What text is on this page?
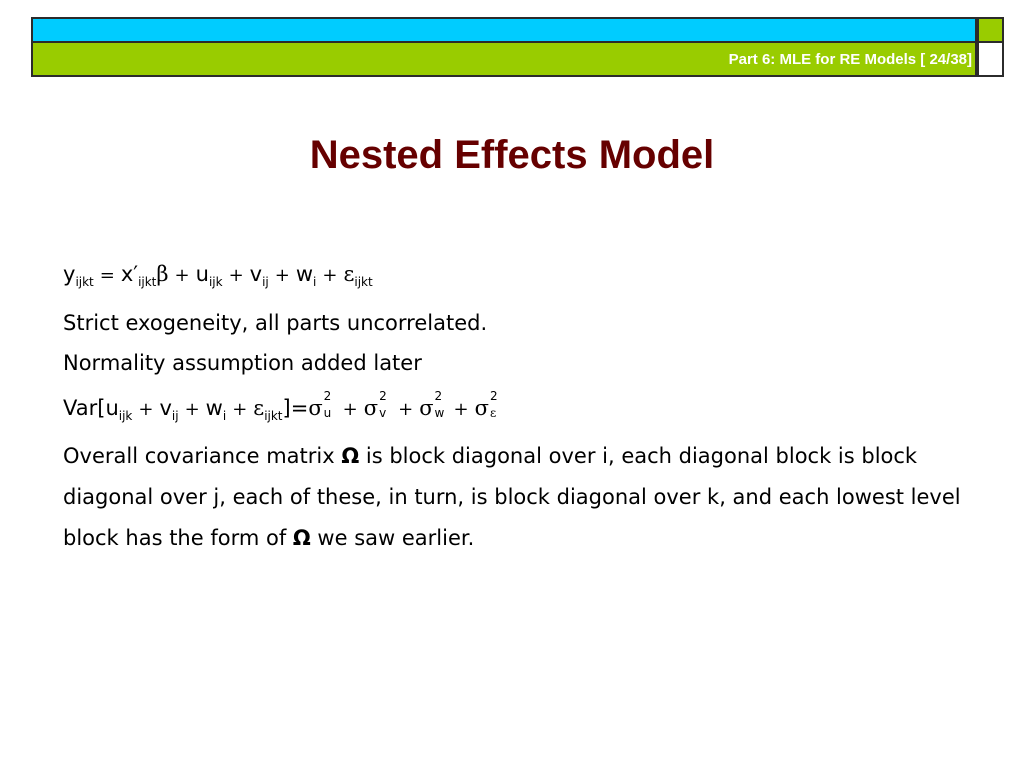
Part 6: MLE for RE Models [ 24/38]
Nested Effects Model
$y_{ijkt} = x'_{ijkt}\beta + u_{ijk} + v_{ij} + w_i + \varepsilon_{ijkt}$
Strict exogeneity, all parts uncorrelated.
Normality assumption added later
$Var[u_{ijk} + v_{ij} + w_i + \varepsilon_{ijkt}]=\sigma$ 2
u + σ 2
v + σ 2
w + σ 2
ε
Overall covariance matrix Ω is block diagonal over i, each diagonal block is block diagonal over j, each of these, in turn, is block diagonal over k, and each lowest level block has the form of Ω we saw earlier.
